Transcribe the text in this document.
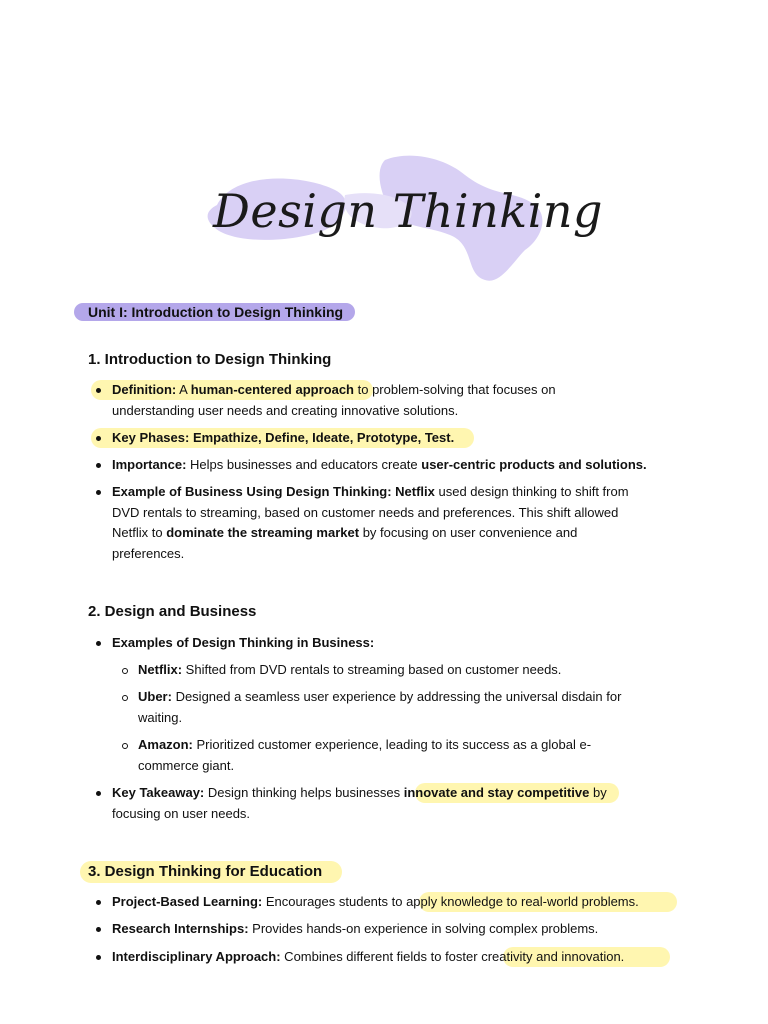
Design Thinking
Unit I: Introduction to Design Thinking
1. Introduction to Design Thinking
Definition: A human-centered approach to problem-solving that focuses on
understanding user needs and creating innovative solutions.
Key Phases: Empathize, Define, Ideate, Prototype, Test.
Importance: Helps businesses and educators create user-centric products and solutions.
Example of Business Using Design Thinking: Netflix used design thinking to shift from
DVD rentals to streaming, based on customer needs and preferences. This shift allowed
Netflix to dominate the streaming market by focusing on user convenience and
preferences.
2. Design and Business
Examples of Design Thinking in Business:
Netflix: Shifted from DVD rentals to streaming based on customer needs.
Uber: Designed a seamless user experience by addressing the universal disdain for
waiting.
Amazon: Prioritized customer experience, leading to its success as a global e-
commerce giant.
Key Takeaway: Design thinking helps businesses innovate and stay competitive by
focusing on user needs.
3. Design Thinking for Education
Project-Based Learning: Encourages students to apply knowledge to real-world problems.
Research Internships: Provides hands-on experience in solving complex problems.
Interdisciplinary Approach: Combines different fields to foster creativity and innovation.
